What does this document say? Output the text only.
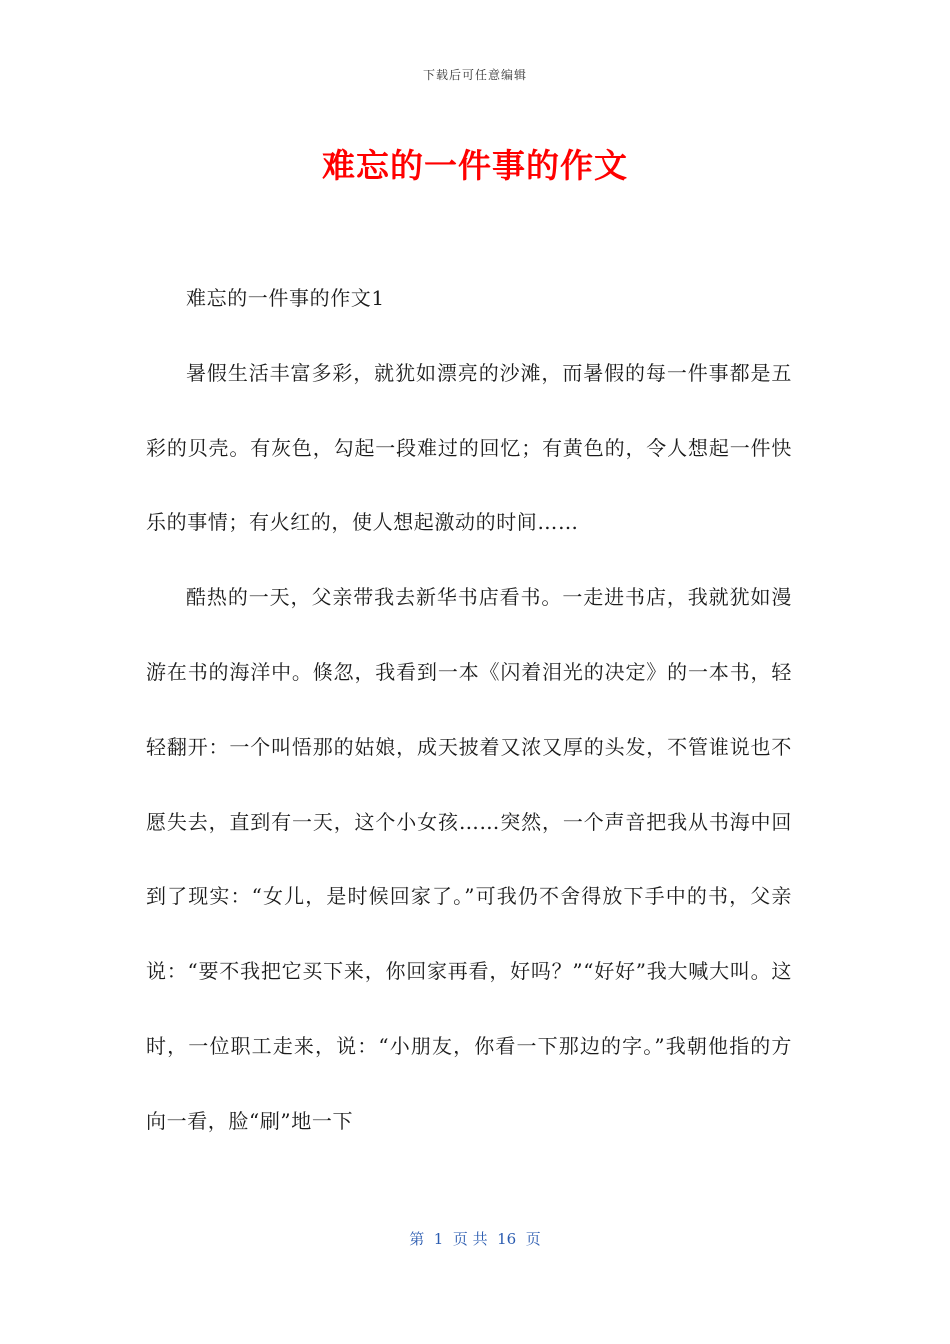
下载后可任意编辑
难忘的一件事的作文

难忘的一件事的作文1

暑假生活丰富多彩，就犹如漂亮的沙滩，而暑假的每一件事都是五彩的贝壳。有灰色，勾起一段难过的回忆；有黄色的，令人想起一件快乐的事情；有火红的，使人想起激动的时间……

酷热的一天，父亲带我去新华书店看书。一走进书店，我就犹如漫游在书的海洋中。倏忽，我看到一本《闪着泪光的决定》的一本书，轻轻翻开：一个叫悟那的姑娘，成天披着又浓又厚的头发，不管谁说也不愿失去，直到有一天，这个小女孩……突然，一个声音把我从书海中回到了现实：“女儿，是时候回家了。”可我仍不舍得放下手中的书，父亲说：“要不我把它买下来，你回家再看，好吗？”“好好”我大喊大叫。这时，一位职工走来，说：“小朋友，你看一下那边的字。”我朝他指的方向一看，脸“刷”地一下

第  1  页 共  16  页
